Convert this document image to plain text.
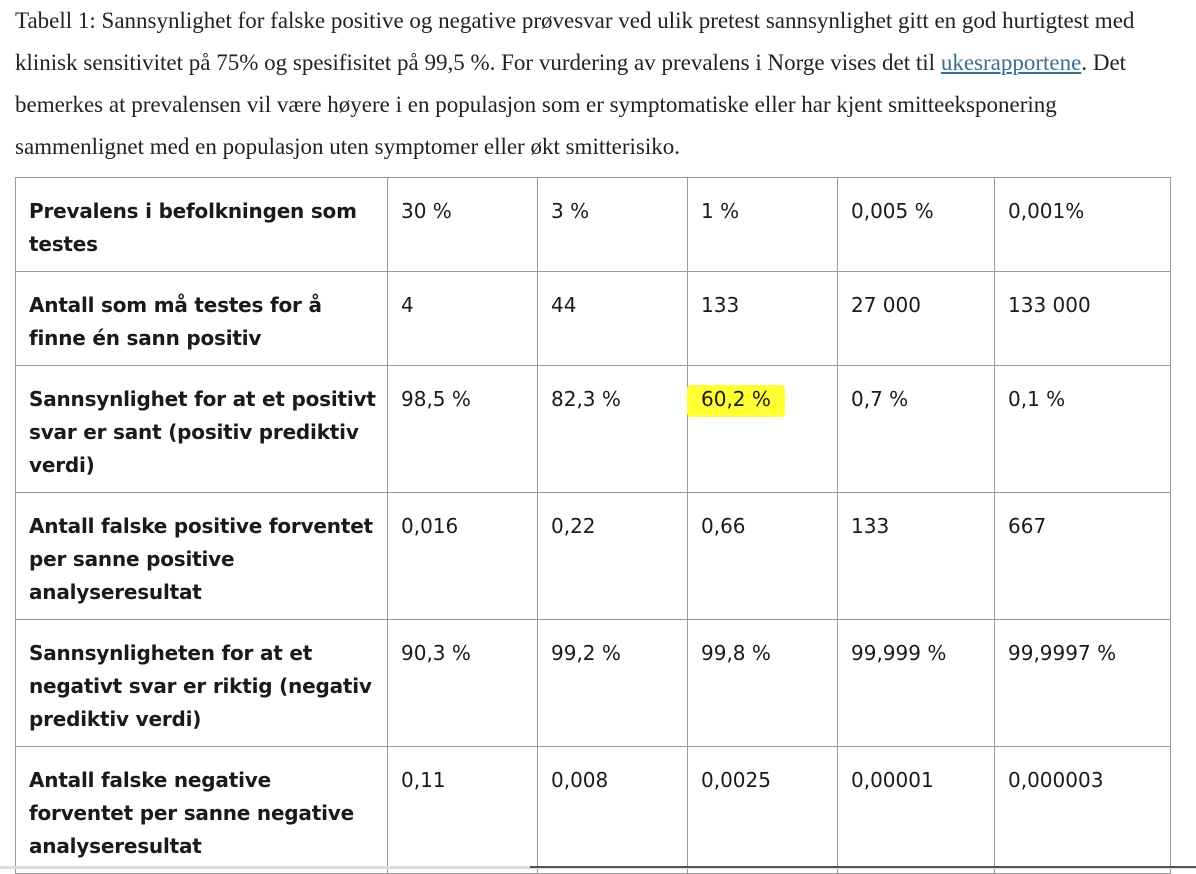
Tabell 1: Sannsynlighet for falske positive og negative prøvesvar ved ulik pretest sannsynlighet gitt en god hurtigtest med klinisk sensitivitet på 75% og spesifisitet på 99,5 %. For vurdering av prevalens i Norge vises det til ukesrapportene. Det bemerkes at prevalensen vil være høyere i en populasjon som er symptomatiske eller har kjent smitteeksponering sammenlignet med en populasjon uten symptomer eller økt smitterisiko.

Prevalens i befolkningen som testes	30 %	3 %	1 %	0,005 %	0,001%
Antall som må testes for å finne én sann positiv	4	44	133	27 000	133 000
Sannsynlighet for at et positivt svar er sant (positiv prediktiv verdi)	98,5 %	82,3 %	60,2 %	0,7 %	0,1 %
Antall falske positive forventet per sanne positive analyseresultat	0,016	0,22	0,66	133	667
Sannsynligheten for at et negativt svar er riktig (negativ prediktiv verdi)	90,3 %	99,2 %	99,8 %	99,999 %	99,9997 %
Antall falske negative forventet per sanne negative analyseresultat	0,11	0,008	0,0025	0,00001	0,000003
